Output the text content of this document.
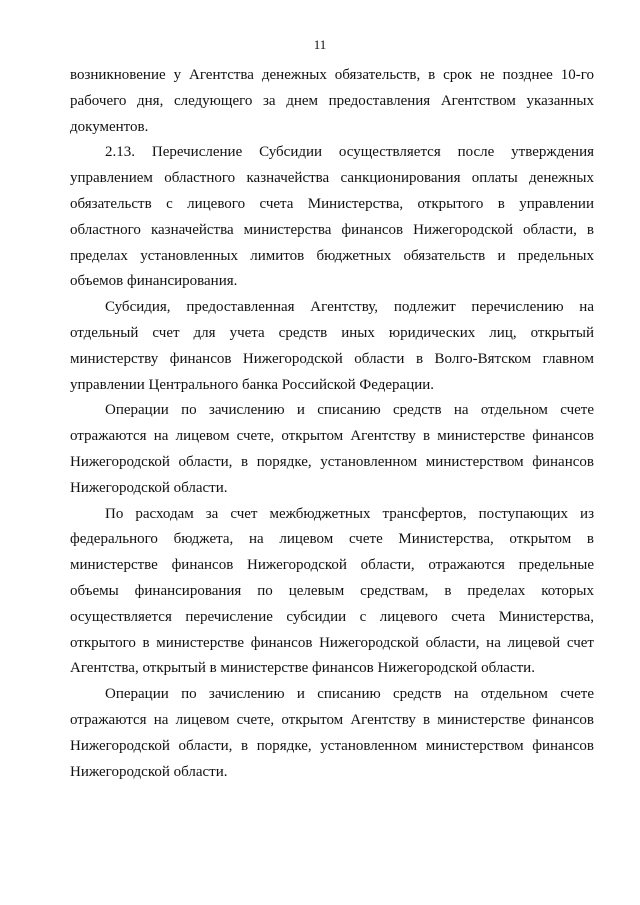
11

возникновение у Агентства денежных обязательств, в срок не позднее 10-го рабочего дня, следующего за днем предоставления Агентством указанных документов.

2.13. Перечисление Субсидии осуществляется после утверждения управлением областного казначейства санкционирования оплаты денежных обязательств с лицевого счета Министерства, открытого в управлении областного казначейства министерства финансов Нижегородской области, в пределах установленных лимитов бюджетных обязательств и предельных объемов финансирования.

Субсидия, предоставленная Агентству, подлежит перечислению на отдельный счет для учета средств иных юридических лиц, открытый министерству финансов Нижегородской области в Волго-Вятском главном управлении Центрального банка Российской Федерации.

Операции по зачислению и списанию средств на отдельном счете отражаются на лицевом счете, открытом Агентству в министерстве финансов Нижегородской области, в порядке, установленном министерством финансов Нижегородской области.

По расходам за счет межбюджетных трансфертов, поступающих из федерального бюджета, на лицевом счете Министерства, открытом в министерстве финансов Нижегородской области, отражаются предельные объемы финансирования по целевым средствам, в пределах которых осуществляется перечисление субсидии с лицевого счета Министерства, открытого в министерстве финансов Нижегородской области, на лицевой счет Агентства, открытый в министерстве финансов Нижегородской области.

Операции по зачислению и списанию средств на отдельном счете отражаются на лицевом счете, открытом Агентству в министерстве финансов Нижегородской области, в порядке, установленном министерством финансов Нижегородской области.
